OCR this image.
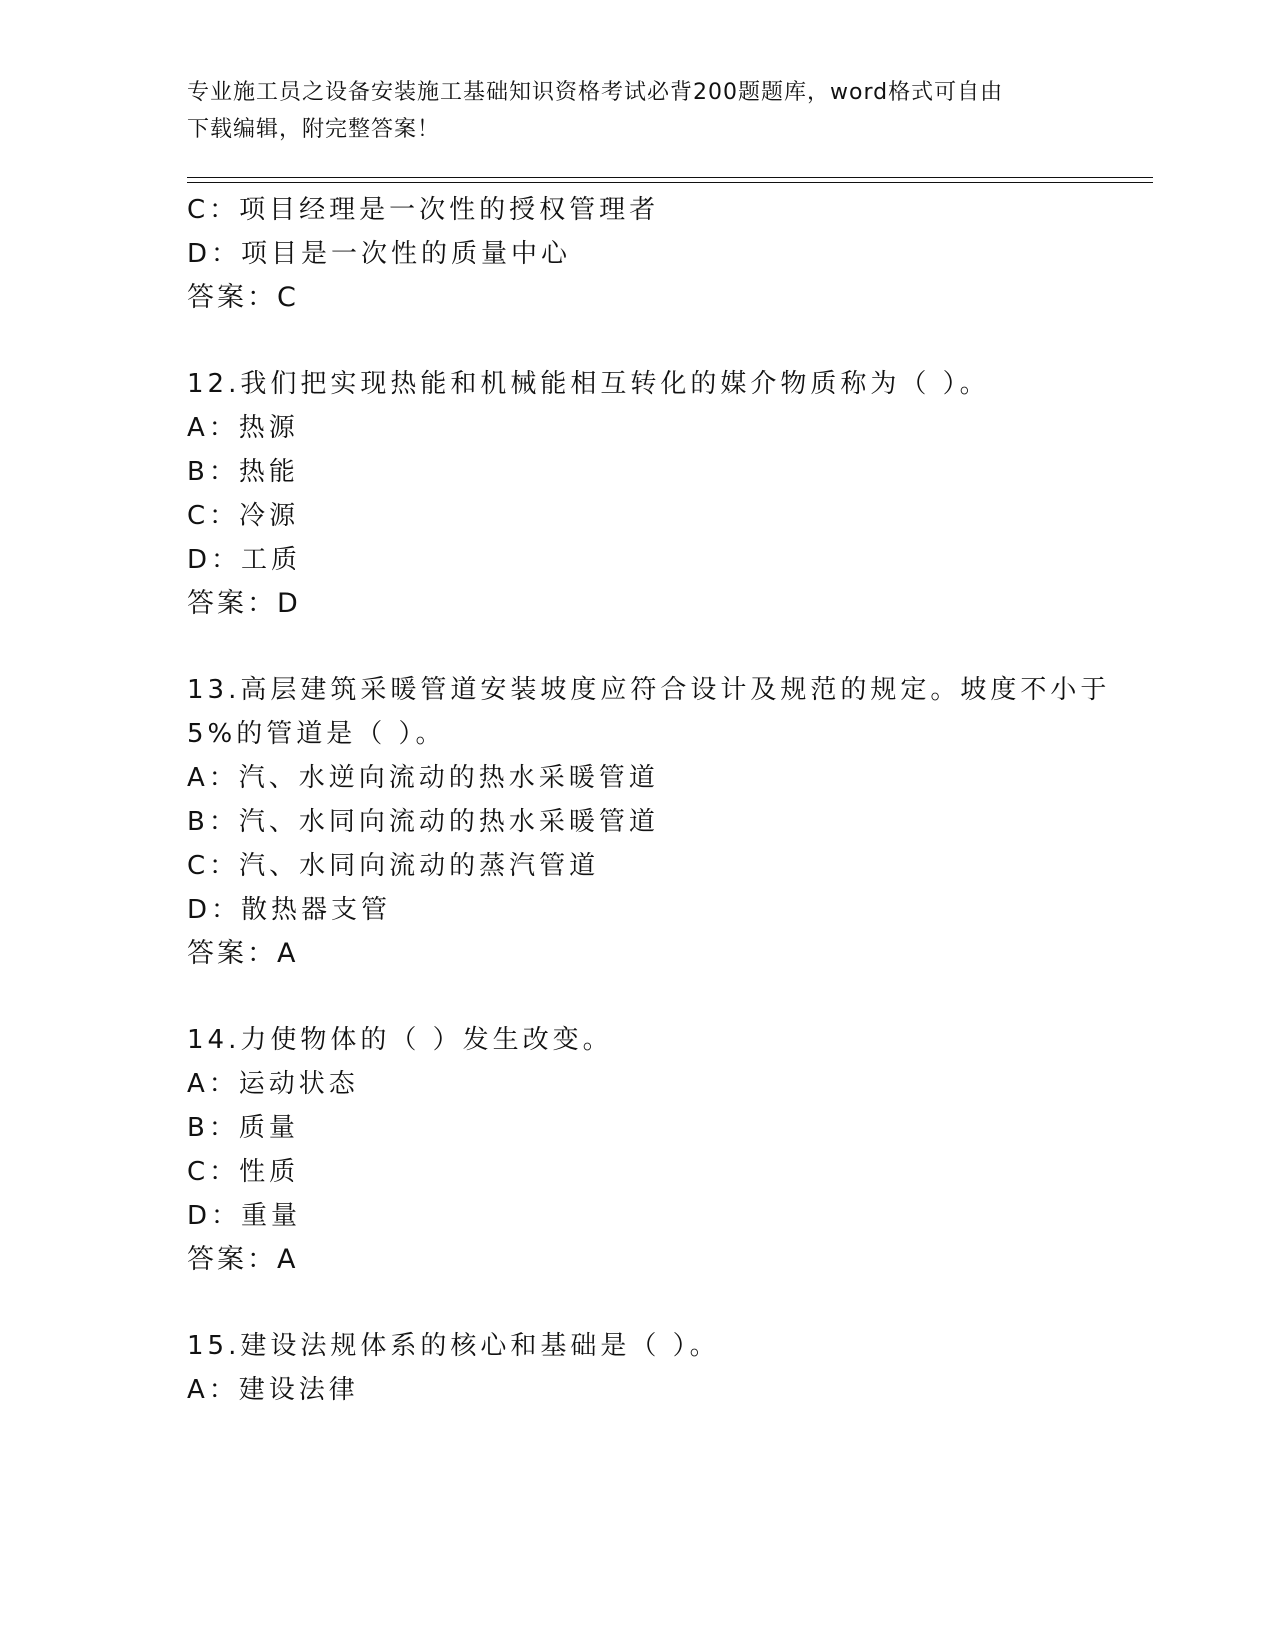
专业施工员之设备安装施工基础知识资格考试必背200题题库，word格式可自由
下载编辑，附完整答案！
C：项目经理是一次性的授权管理者
D：项目是一次性的质量中心
答案：C
12.我们把实现热能和机械能相互转化的媒介物质称为（ ）。
A：热源
B：热能
C：冷源
D：工质
答案：D
13.高层建筑采暖管道安装坡度应符合设计及规范的规定。坡度不小于
5%的管道是（ ）。
A：汽、水逆向流动的热水采暖管道
B：汽、水同向流动的热水采暖管道
C：汽、水同向流动的蒸汽管道
D：散热器支管
答案：A
14.力使物体的（ ）发生改变。
A：运动状态
B：质量
C：性质
D：重量
答案：A
15.建设法规体系的核心和基础是（ ）。
A：建设法律
